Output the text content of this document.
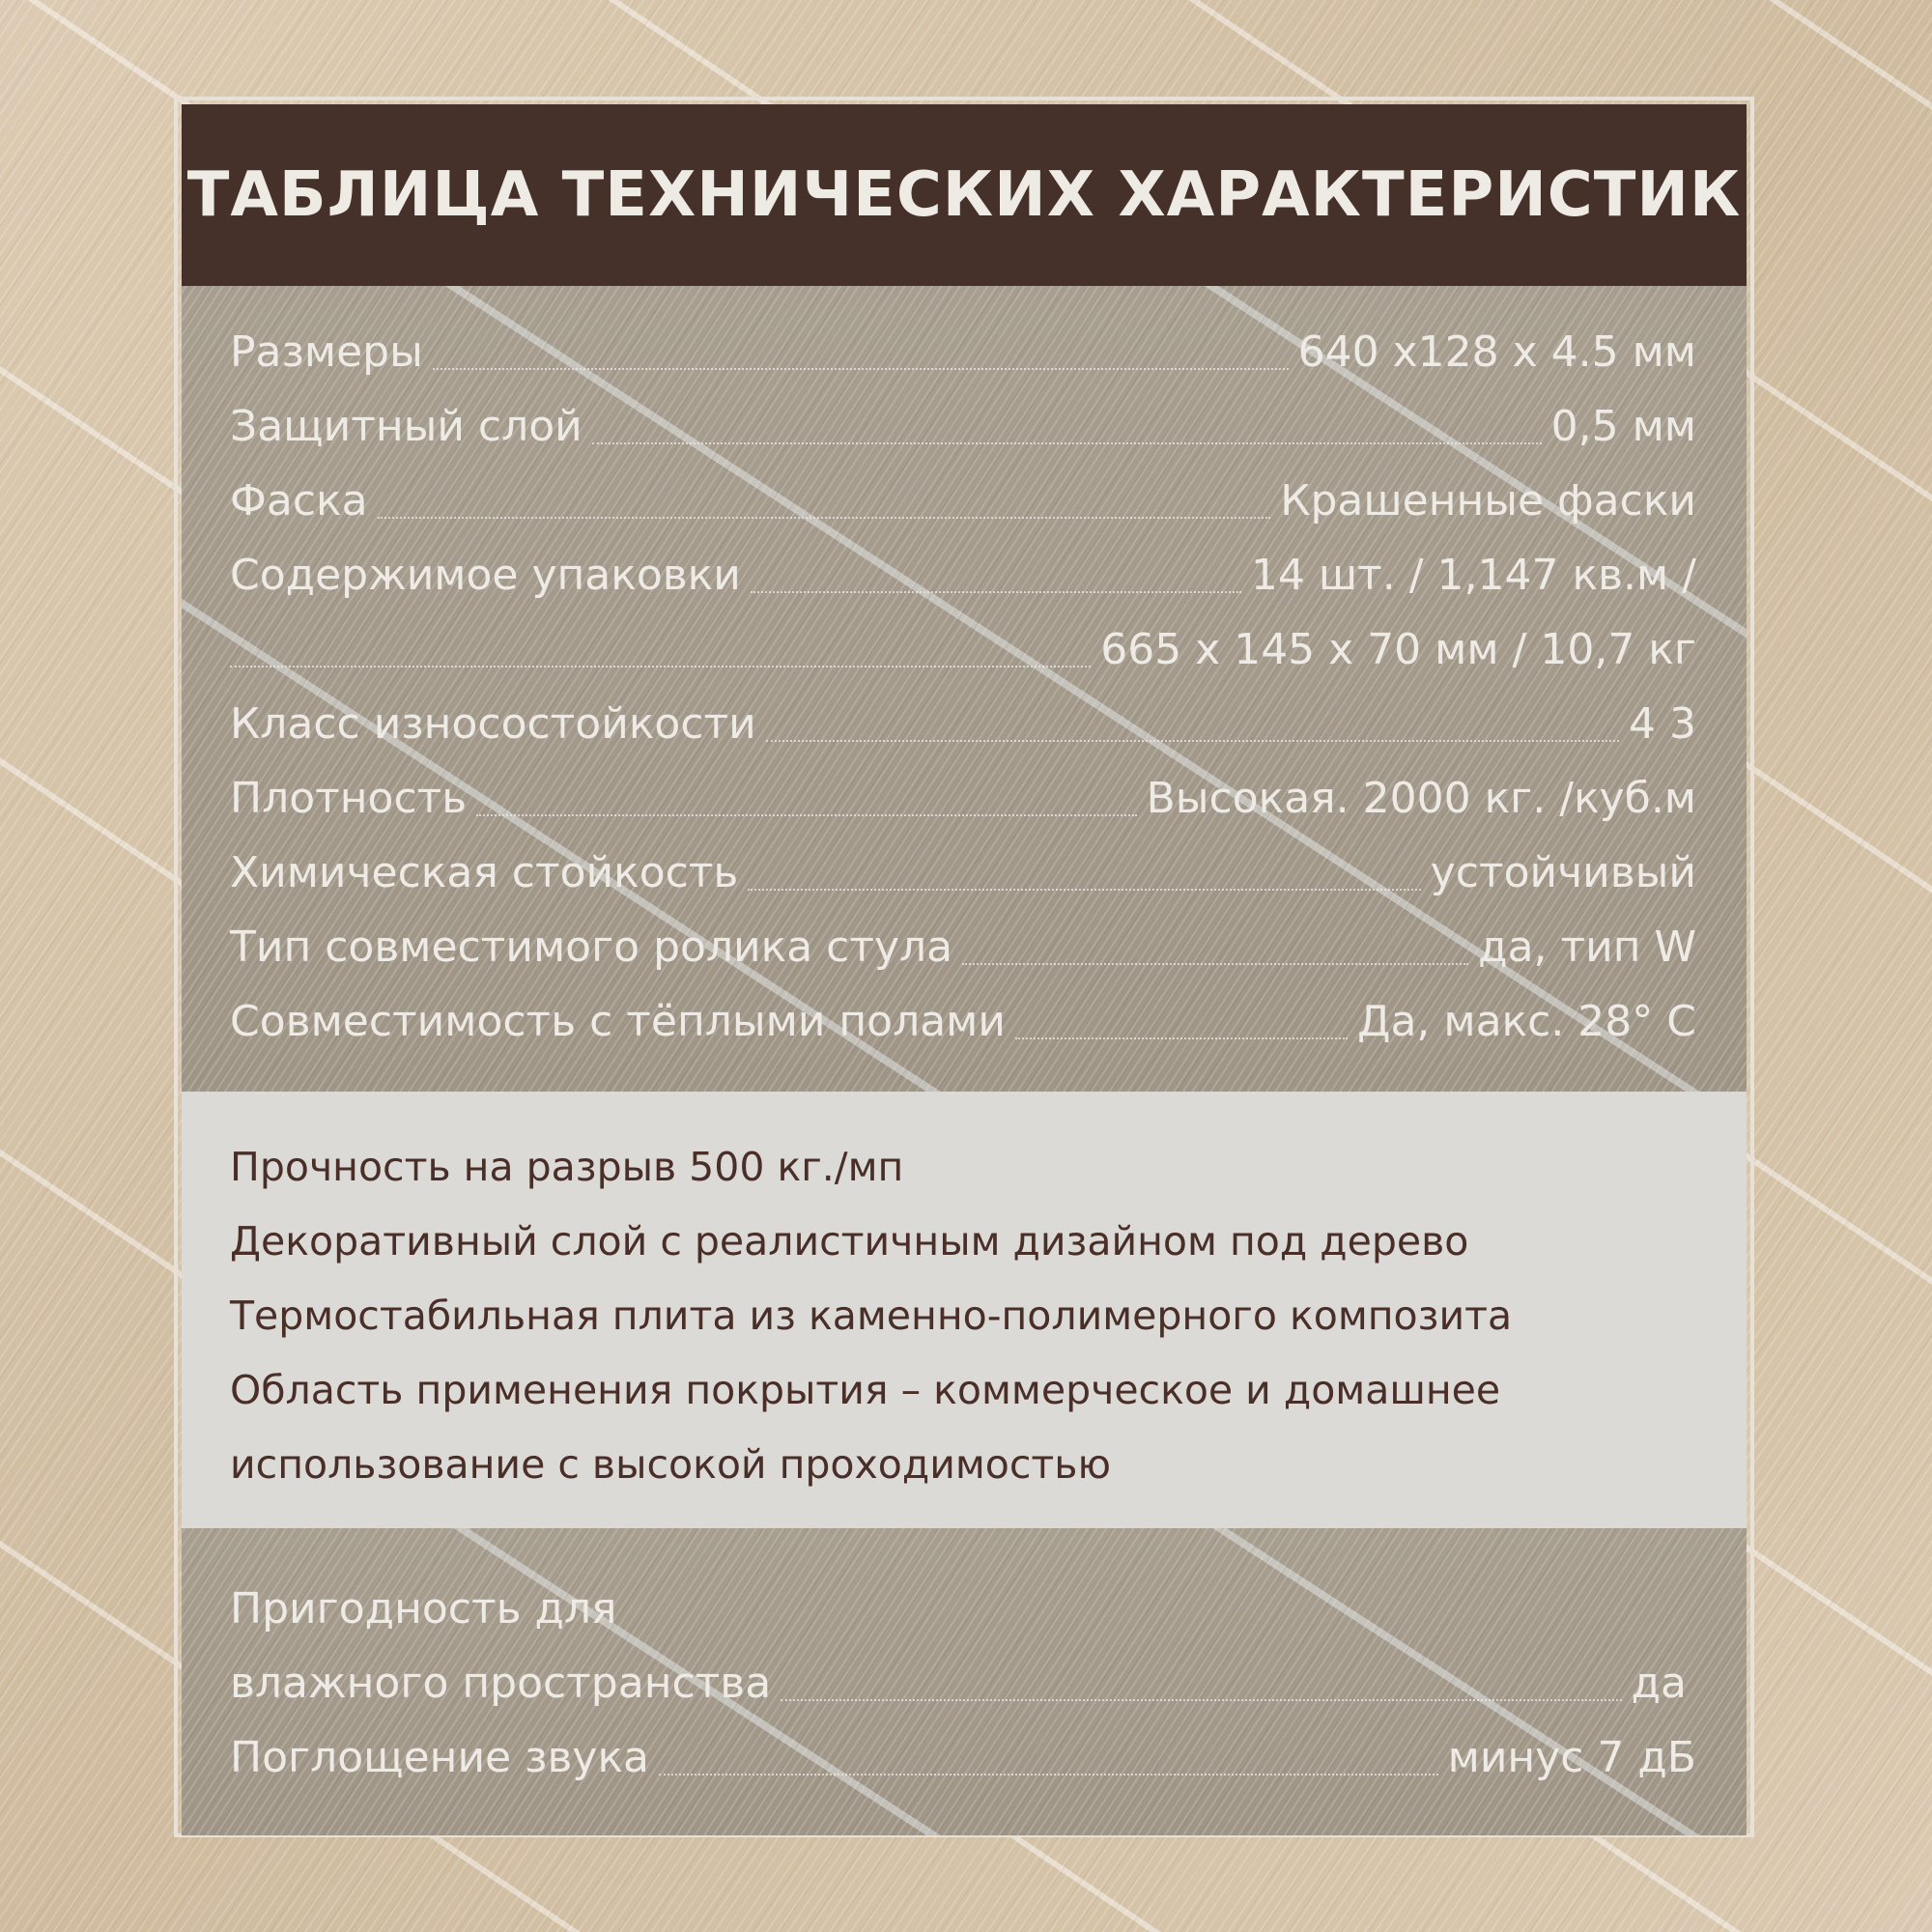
ТАБЛИЦА ТЕХНИЧЕСКИХ ХАРАКТЕРИСТИК
Размеры	640 x128 x 4.5 мм
Защитный слой	0,5 мм
Фаска	Крашенные фаски
Содержимое упаковки	14 шт. / 1,147 кв.м /
665 x 145 x 70 мм / 10,7 кг
Класс износостойкости	4 3
Плотность	Высокая. 2000 кг. /куб.м
Химическая стойкость	устойчивый
Тип совместимого ролика стула	да, тип W
Совместимость с тёплыми полами	Да, макс. 28° C
Прочность на разрыв 500 кг./мп
Декоративный слой с реалистичным дизайном под дерево
Термостабильная плита из каменно-полимерного композита
Область применения покрытия – коммерческое и домашнее
использование с высокой проходимостью
Пригодность для
влажного пространства	да
Поглощение звука	минус 7 дБ
